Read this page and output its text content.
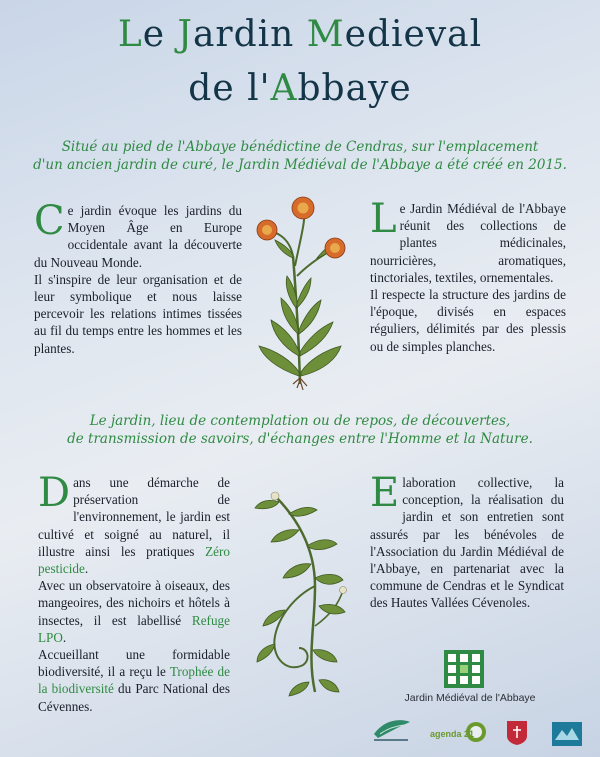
Le Jardin Medieval
de l'Abbaye
Situé au pied de l'Abbaye bénédictine de Cendras, sur l'emplacement
d'un ancien jardin de curé, le Jardin Médiéval de l'Abbaye a été créé en 2015.
C e jardin évoque les jardins du Moyen Âge en Europe occidentale avant la découverte du Nouveau Monde.

Il s'inspire de leur organisation et de leur symbolique et nous laisse percevoir les relations intimes tissées au fil du temps entre les hommes et les plantes.

L e Jardin Médiéval de l'Abbaye réunit des collections de plantes médicinales, nourricières, aromatiques, tinctoriales, textiles, ornementales.

Il respecte la structure des jardins de l'époque, divisés en espaces réguliers, délimités par des plessis ou de simples planches.

Le jardin, lieu de contemplation ou de repos, de découvertes,
de transmission de savoirs, d'échanges entre l'Homme et la Nature.
D ans une démarche de préservation de l'environnement, le jardin est cultivé et soigné au naturel, il illustre ainsi les pratiques Zéro pesticide.

Avec un observatoire à oiseaux, des mangeoires, des nichoirs et hôtels à insectes, il est labellisé Refuge LPO.

Accueillant une formidable biodiversité, il a reçu le Trophée de la biodiversité du Parc National des Cévennes.

E laboration collective, la conception, la réalisation du jardin et son entretien sont assurés par les bénévoles de l'Association du Jardin Médiéval de l'Abbaye, en partenariat avec la commune de Cendras et le Syndicat des Hautes Vallées Cévenoles.

Jardin Médiéval de l'Abbaye
agenda 21
